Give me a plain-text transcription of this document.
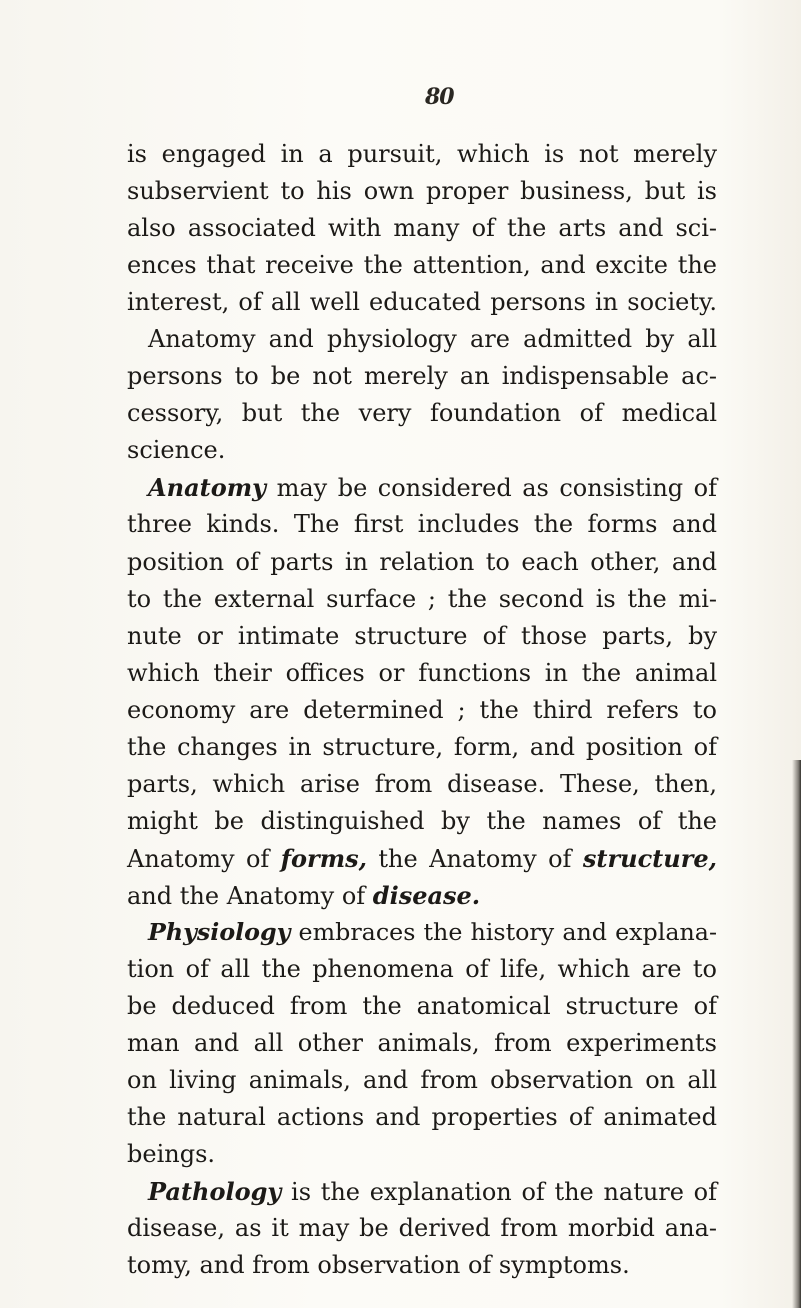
80
is engaged in a pursuit, which is not merely
subservient to his own proper business, but is
also associated with many of the arts and sci-
ences that receive the attention, and excite the
interest, of all well educated persons in society.
Anatomy and physiology are admitted by all
persons to be not merely an indispensable ac-
cessory, but the very foundation of medical
science.
Anatomy may be considered as consisting of
three kinds. The first includes the forms and
position of parts in relation to each other, and
to the external surface ; the second is the mi-
nute or intimate structure of those parts, by
which their offices or functions in the animal
economy are determined ; the third refers to
the changes in structure, form, and position of
parts, which arise from disease. These, then,
might be distinguished by the names of the
Anatomy of forms, the Anatomy of structure,
and the Anatomy of disease.
Physiology embraces the history and explana-
tion of all the phenomena of life, which are to
be deduced from the anatomical structure of
man and all other animals, from experiments
on living animals, and from observation on all
the natural actions and properties of animated
beings.
Pathology is the explanation of the nature of
disease, as it may be derived from morbid ana-
tomy, and from observation of symptoms.
